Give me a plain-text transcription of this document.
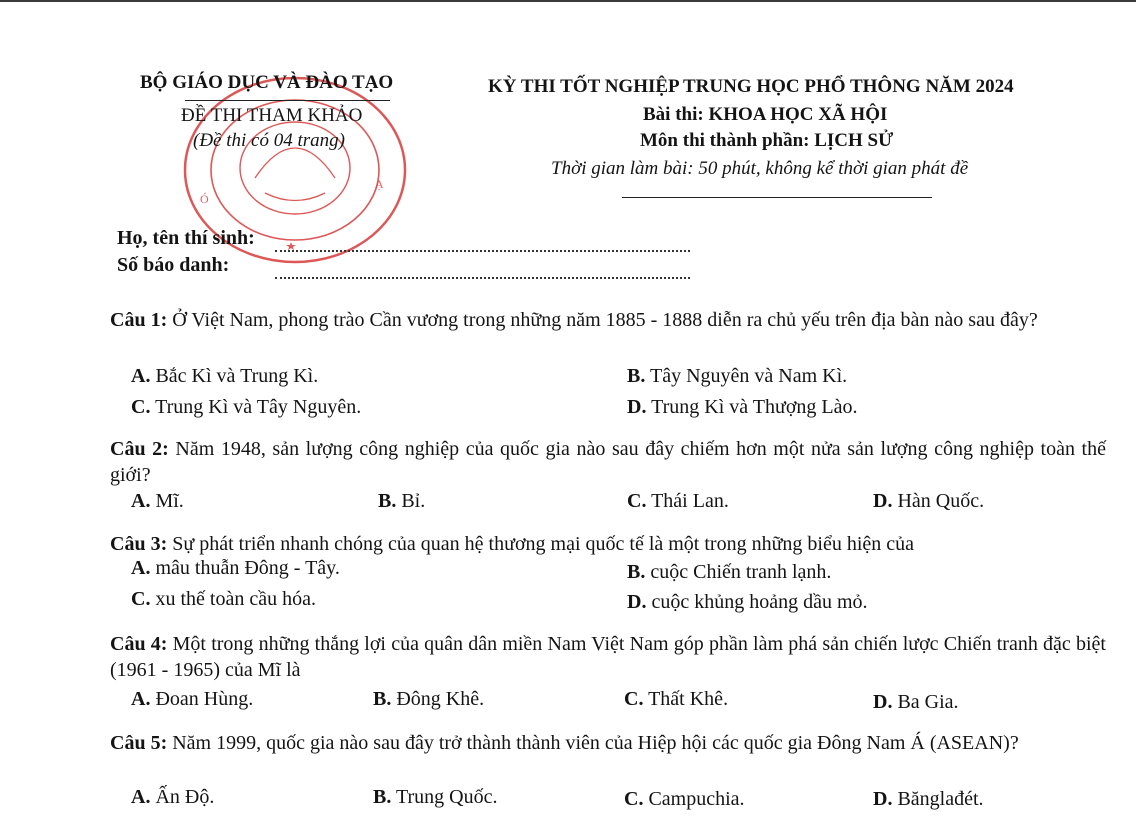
Ó
Ạ
BỘ GIÁO DỤC VÀ ĐÀO TẠO
ĐỀ THI THAM KHẢO
(Đề thi có 04 trang)
KỲ THI TỐT NGHIỆP TRUNG HỌC PHỔ THÔNG NĂM 2024
Bài thi: KHOA HỌC XÃ HỘI
Môn thi thành phần: LỊCH SỬ
Thời gian làm bài: 50 phút, không kể thời gian phát đề
Họ, tên thí sinh:
Số báo danh:
Câu 1: Ở Việt Nam, phong trào Cần vương trong những năm 1885 - 1888 diễn ra chủ yếu trên địa bàn nào sau đây?
A. Bắc Kì và Trung Kì.	B. Tây Nguyên và Nam Kì.
C. Trung Kì và Tây Nguyên.	D. Trung Kì và Thượng Lào.
Câu 2: Năm 1948, sản lượng công nghiệp của quốc gia nào sau đây chiếm hơn một nửa sản lượng công nghiệp toàn thế giới?
A. Mĩ.	B. Bỉ.	C. Thái Lan.	D. Hàn Quốc.
Câu 3: Sự phát triển nhanh chóng của quan hệ thương mại quốc tế là một trong những biểu hiện của
A. mâu thuẫn Đông - Tây.	B. cuộc Chiến tranh lạnh.
C. xu thế toàn cầu hóa.	D. cuộc khủng hoảng dầu mỏ.
Câu 4: Một trong những thắng lợi của quân dân miền Nam Việt Nam góp phần làm phá sản chiến lược Chiến tranh đặc biệt (1961 - 1965) của Mĩ là
A. Đoan Hùng.	B. Đông Khê.	C. Thất Khê.	D. Ba Gia.
Câu 5: Năm 1999, quốc gia nào sau đây trở thành thành viên của Hiệp hội các quốc gia Đông Nam Á (ASEAN)?
A. Ấn Độ.	B. Trung Quốc.	C. Campuchia.	D. Bănglađét.
